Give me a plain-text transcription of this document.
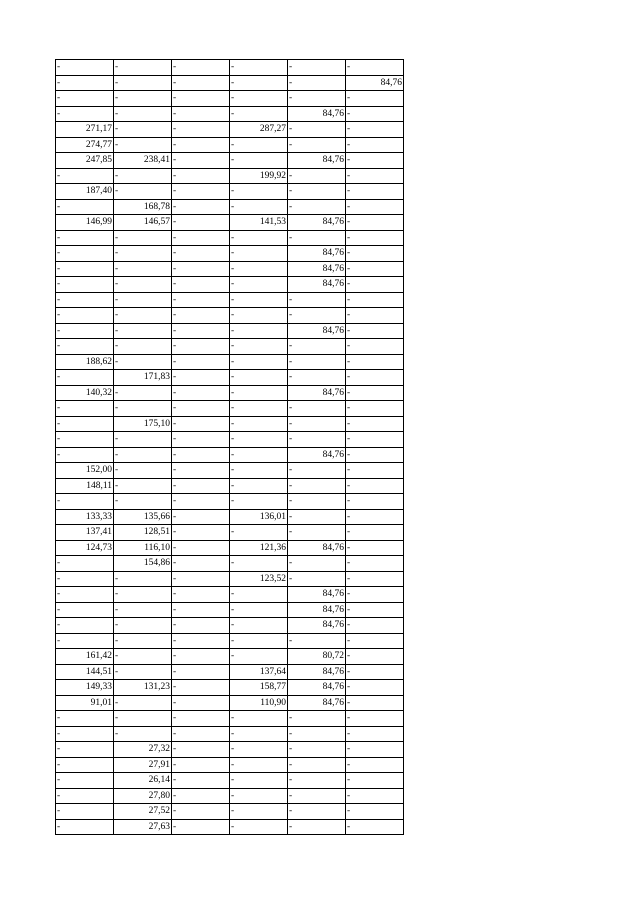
-	-	-	-	-	-
-	-	-	-	-	84,76
-	-	-	-	-	-
-	-	-	-	84,76	-
271,17	-	-	287,27	-	-
274,77	-	-	-	-	-
247,85	238,41	-	-	84,76	-
-	-	-	199,92	-	-
187,40	-	-	-	-	-
-	168,78	-	-	-	-
146,99	146,57	-	141,53	84,76	-
-	-	-	-	-	-
-	-	-	-	84,76	-
-	-	-	-	84,76	-
-	-	-	-	84,76	-
-	-	-	-	-	-
-	-	-	-	-	-
-	-	-	-	84,76	-
-	-	-	-	-	-
188,62	-	-	-	-	-
-	171,83	-	-	-	-
140,32	-	-	-	84,76	-
-	-	-	-	-	-
-	175,10	-	-	-	-
-	-	-	-	-	-
-	-	-	-	84,76	-
152,00	-	-	-	-	-
148,11	-	-	-	-	-
-	-	-	-	-	-
133,33	135,66	-	136,01	-	-
137,41	128,51	-	-	-	-
124,73	116,10	-	121,36	84,76	-
-	154,86	-	-	-	-
-	-	-	123,52	-	-
-	-	-	-	84,76	-
-	-	-	-	84,76	-
-	-	-	-	84,76	-
-	-	-	-	-	-
161,42	-	-	-	80,72	-
144,51	-	-	137,64	84,76	-
149,33	131,23	-	158,77	84,76	-
91,01	-	-	110,90	84,76	-
-	-	-	-	-	-
-	-	-	-	-	-
-	27,32	-	-	-	-
-	27,91	-	-	-	-
-	26,14	-	-	-	-
-	27,80	-	-	-	-
-	27,52	-	-	-	-
-	27,63	-	-	-	-
